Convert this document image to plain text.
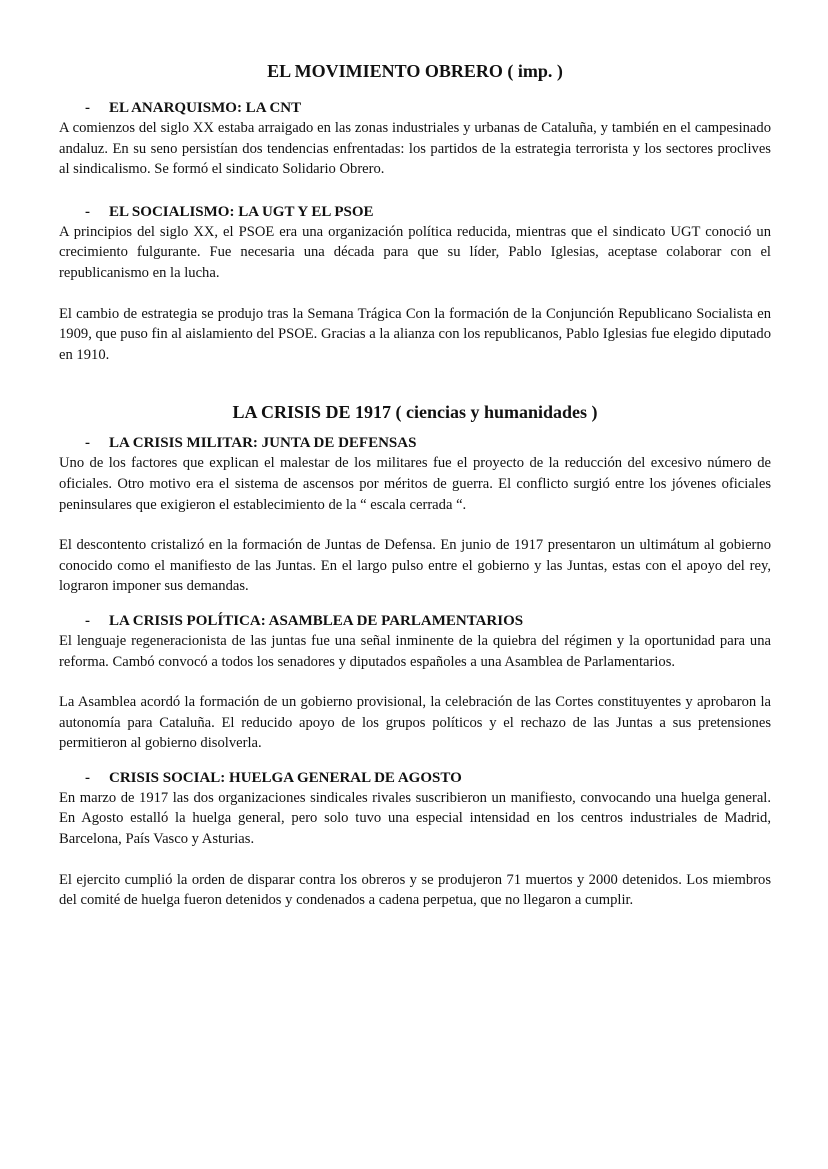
EL MOVIMIENTO OBRERO ( imp. )
- EL ANARQUISMO: LA CNT

A comienzos del siglo XX estaba arraigado en las zonas industriales y urbanas de Cataluña, y también en el campesinado andaluz. En su seno persistían dos tendencias enfrentadas: los partidos de la estrategia terrorista y los sectores proclives al sindicalismo. Se formó el sindicato Solidario Obrero.

- EL SOCIALISMO: LA UGT Y EL PSOE

A principios del siglo XX, el PSOE era una organización política reducida, mientras que el sindicato UGT conoció un crecimiento fulgurante. Fue necesaria una década para que su líder, Pablo Iglesias, aceptase colaborar con el republicanismo en la lucha.

El cambio de estrategia se produjo tras la Semana Trágica Con la formación de la Conjunción Republicano Socialista en 1909, que puso fin al aislamiento del PSOE. Gracias a la alianza con los republicanos, Pablo Iglesias fue elegido diputado en 1910.

LA CRISIS DE 1917 ( ciencias y humanidades )
- LA CRISIS MILITAR: JUNTA DE DEFENSAS

Uno de los factores que explican el malestar de los militares fue el proyecto de la reducción del excesivo número de oficiales. Otro motivo era el sistema de ascensos por méritos de guerra. El conflicto surgió entre los jóvenes oficiales peninsulares que exigieron el establecimiento de la “ escala cerrada “.

El descontento cristalizó en la formación de Juntas de Defensa. En junio de 1917 presentaron un ultimátum al gobierno conocido como el manifiesto de las Juntas. En el largo pulso entre el gobierno y las Juntas, estas con el apoyo del rey, lograron imponer sus demandas.

- LA CRISIS POLÍTICA: ASAMBLEA DE PARLAMENTARIOS

El lenguaje regeneracionista de las juntas fue una señal inminente de la quiebra del régimen y la oportunidad para una reforma. Cambó convocó a todos los senadores y diputados españoles a una Asamblea de Parlamentarios.

La Asamblea acordó la formación de un gobierno provisional, la celebración de las Cortes constituyentes y aprobaron la autonomía para Cataluña. El reducido apoyo de los grupos políticos y el rechazo de las Juntas a sus pretensiones permitieron al gobierno disolverla.

- CRISIS SOCIAL: HUELGA GENERAL DE AGOSTO

En marzo de 1917 las dos organizaciones sindicales rivales suscribieron un manifiesto, convocando una huelga general. En Agosto estalló la huelga general, pero solo tuvo una especial intensidad en los centros industriales de Madrid, Barcelona, País Vasco y Asturias.

El ejercito cumplió la orden de disparar contra los obreros y se produjeron 71 muertos y 2000 detenidos. Los miembros del comité de huelga fueron detenidos y condenados a cadena perpetua, que no llegaron a cumplir.
